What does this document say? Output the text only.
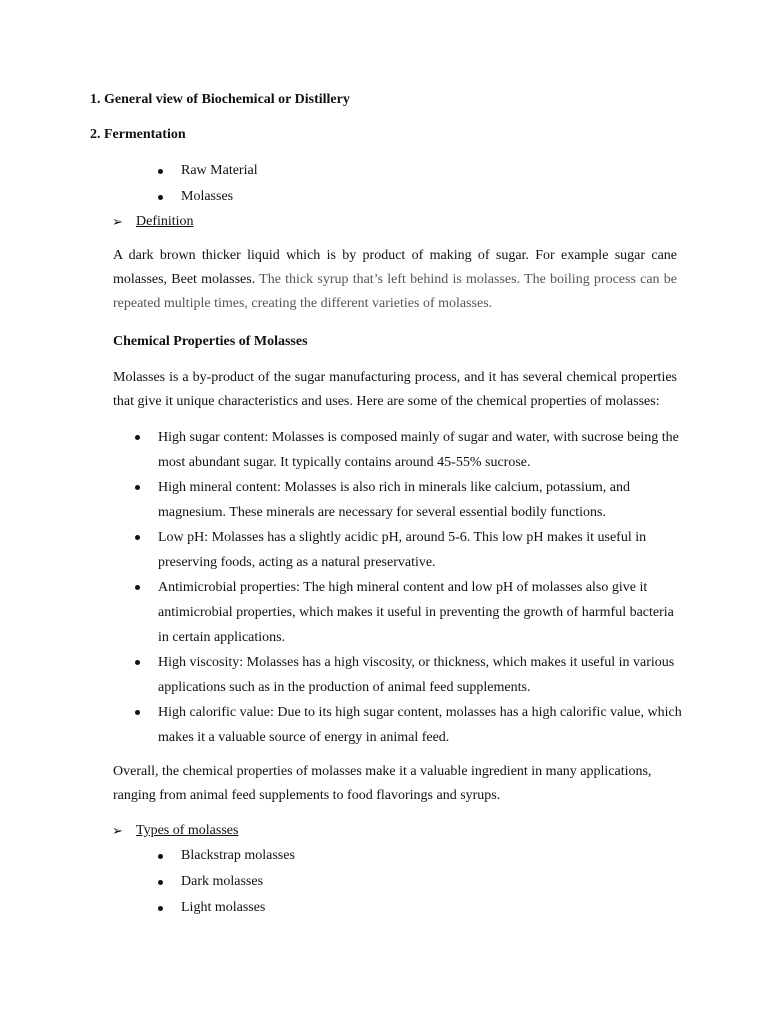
1. General view of Biochemical or Distillery
2. Fermentation
Raw Material
Molasses
➢ Definition
A dark brown thicker liquid which is by product of making of sugar. For example sugar cane
molasses, Beet molasses. The thick syrup that’s left behind is molasses. The boiling process can be
repeated multiple times, creating the different varieties of molasses.
Chemical Properties of Molasses
Molasses is a by-product of the sugar manufacturing process, and it has several chemical properties
that give it unique characteristics and uses. Here are some of the chemical properties of molasses:
High sugar content: Molasses is composed mainly of sugar and water, with sucrose being the
most abundant sugar. It typically contains around 45-55% sucrose.
High mineral content: Molasses is also rich in minerals like calcium, potassium, and
magnesium. These minerals are necessary for several essential bodily functions.
Low pH: Molasses has a slightly acidic pH, around 5-6. This low pH makes it useful in
preserving foods, acting as a natural preservative.
Antimicrobial properties: The high mineral content and low pH of molasses also give it
antimicrobial properties, which makes it useful in preventing the growth of harmful bacteria
in certain applications.
High viscosity: Molasses has a high viscosity, or thickness, which makes it useful in various
applications such as in the production of animal feed supplements.
High calorific value: Due to its high sugar content, molasses has a high calorific value, which
makes it a valuable source of energy in animal feed.
Overall, the chemical properties of molasses make it a valuable ingredient in many applications,
ranging from animal feed supplements to food flavorings and syrups.
➢ Types of molasses
Blackstrap molasses
Dark molasses
Light molasses
